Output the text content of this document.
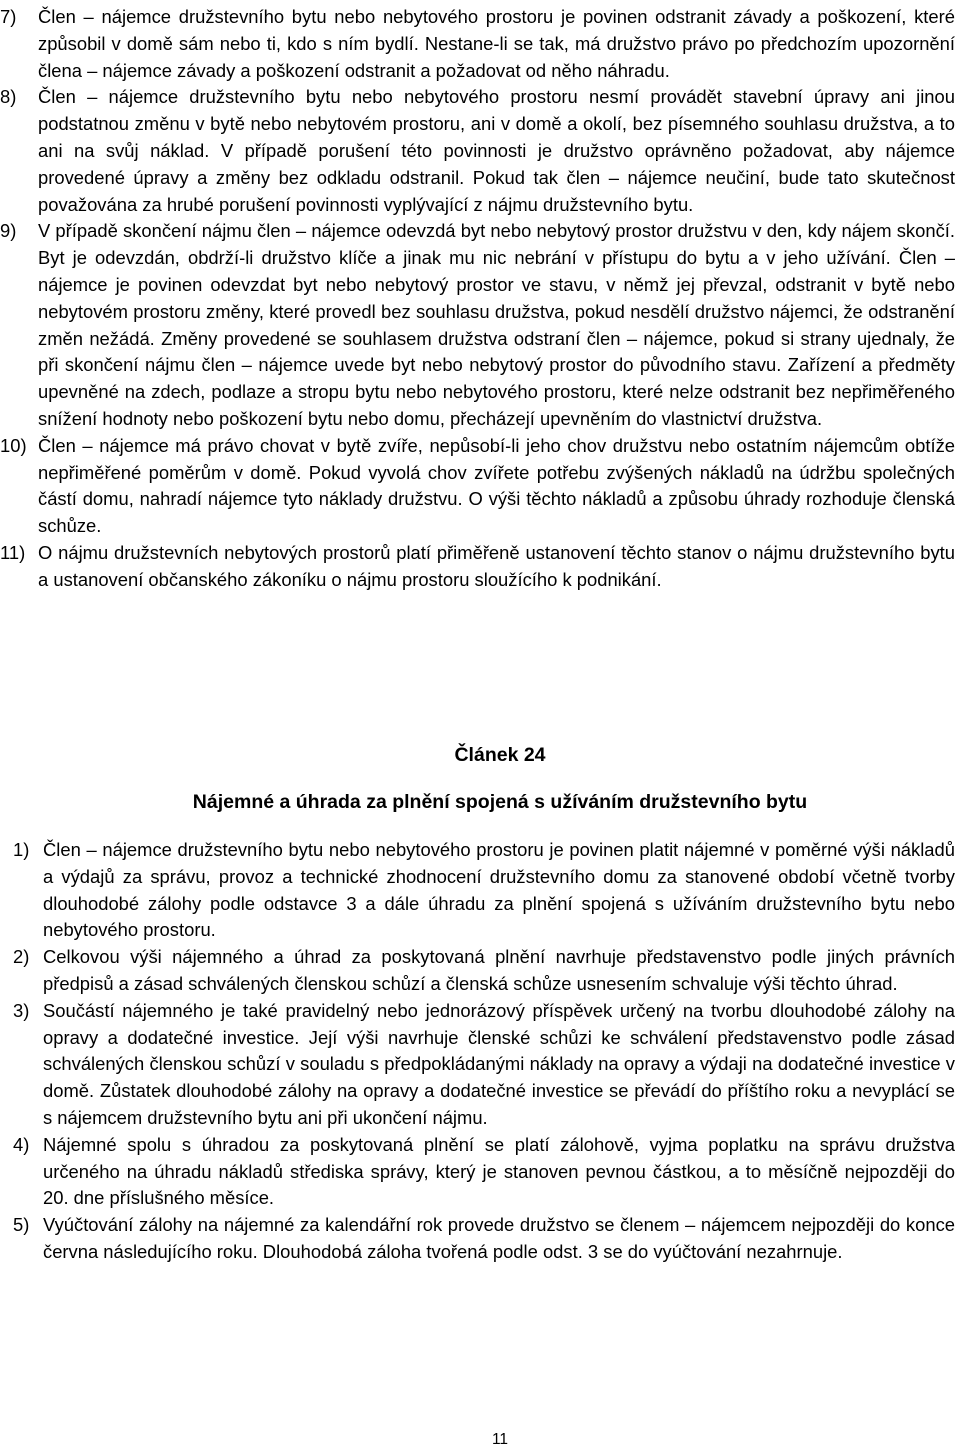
7) Člen – nájemce družstevního bytu nebo nebytového prostoru je povinen odstranit závady a poškození, které způsobil v domě sám nebo ti, kdo s ním bydlí. Nestane-li se tak, má družstvo právo po předchozím upozornění člena – nájemce závady a poškození odstranit a požadovat od něho náhradu.
8) Člen – nájemce družstevního bytu nebo nebytového prostoru nesmí provádět stavební úpravy ani jinou podstatnou změnu v bytě nebo nebytovém prostoru, ani v domě a okolí, bez písemného souhlasu družstva, a to ani na svůj náklad. V případě porušení této povinnosti je družstvo oprávněno požadovat, aby nájemce provedené úpravy a změny bez odkladu odstranil. Pokud tak člen – nájemce neučiní, bude tato skutečnost považována za hrubé porušení povinnosti vyplývající z nájmu družstevního bytu.
9) V případě skončení nájmu člen – nájemce odevzdá byt nebo nebytový prostor družstvu v den, kdy nájem skončí. Byt je odevzdán, obdrží-li družstvo klíče a jinak mu nic nebrání v přístupu do bytu a v jeho užívání. Člen – nájemce je povinen odevzdat byt nebo nebytový prostor ve stavu, v němž jej převzal, odstranit v bytě nebo nebytovém prostoru změny, které provedl bez souhlasu družstva, pokud nesdělí družstvo nájemci, že odstranění změn nežádá. Změny provedené se souhlasem družstva odstraní člen – nájemce, pokud si strany ujednaly, že při skončení nájmu člen – nájemce uvede byt nebo nebytový prostor do původního stavu. Zařízení a předměty upevněné na zdech, podlaze a stropu bytu nebo nebytového prostoru, které nelze odstranit bez nepřiměřeného snížení hodnoty nebo poškození bytu nebo domu, přecházejí upevněním do vlastnictví družstva.
10) Člen – nájemce má právo chovat v bytě zvíře, nepůsobí-li jeho chov družstvu nebo ostatním nájemcům obtíže nepřiměřené poměrům v domě. Pokud vyvolá chov zvířete potřebu zvýšených nákladů na údržbu společných částí domu, nahradí nájemce tyto náklady družstvu. O výši těchto nákladů a způsobu úhrady rozhoduje členská schůze.
11) O nájmu družstevních nebytových prostorů platí přiměřeně ustanovení těchto stanov o nájmu družstevního bytu a ustanovení občanského zákoníku o nájmu prostoru sloužícího k podnikání.
Článek 24
Nájemné a úhrada za plnění spojená s užíváním družstevního bytu
1) Člen – nájemce družstevního bytu nebo nebytového prostoru je povinen platit nájemné v poměrné výši nákladů a výdajů za správu, provoz a technické zhodnocení družstevního domu za stanovené období včetně tvorby dlouhodobé zálohy podle odstavce 3 a dále úhradu za plnění spojená s užíváním družstevního bytu nebo nebytového prostoru.
2) Celkovou výši nájemného a úhrad za poskytovaná plnění navrhuje představenstvo podle jiných právních předpisů a zásad schválených členskou schůzí a členská schůze usnesením schvaluje výši těchto úhrad.
3) Součástí nájemného je také pravidelný nebo jednorázový příspěvek určený na tvorbu dlouhodobé zálohy na opravy a dodatečné investice. Její výši navrhuje členské schůzi ke schválení představenstvo podle zásad schválených členskou schůzí v souladu s předpokládanými náklady na opravy a výdaji na dodatečné investice v domě. Zůstatek dlouhodobé zálohy na opravy a dodatečné investice se převádí do příštího roku a nevyplácí se s nájemcem družstevního bytu ani při ukončení nájmu.
4) Nájemné spolu s úhradou za poskytovaná plnění se platí zálohově, vyjma poplatku na správu družstva určeného na úhradu nákladů střediska správy, který je stanoven pevnou částkou, a to měsíčně nejpozději do 20. dne příslušného měsíce.
5) Vyúčtování zálohy na nájemné za kalendářní rok provede družstvo se členem – nájemcem nejpozději do konce června následujícího roku. Dlouhodobá záloha tvořená podle odst. 3 se do vyúčtování nezahrnuje.
11
